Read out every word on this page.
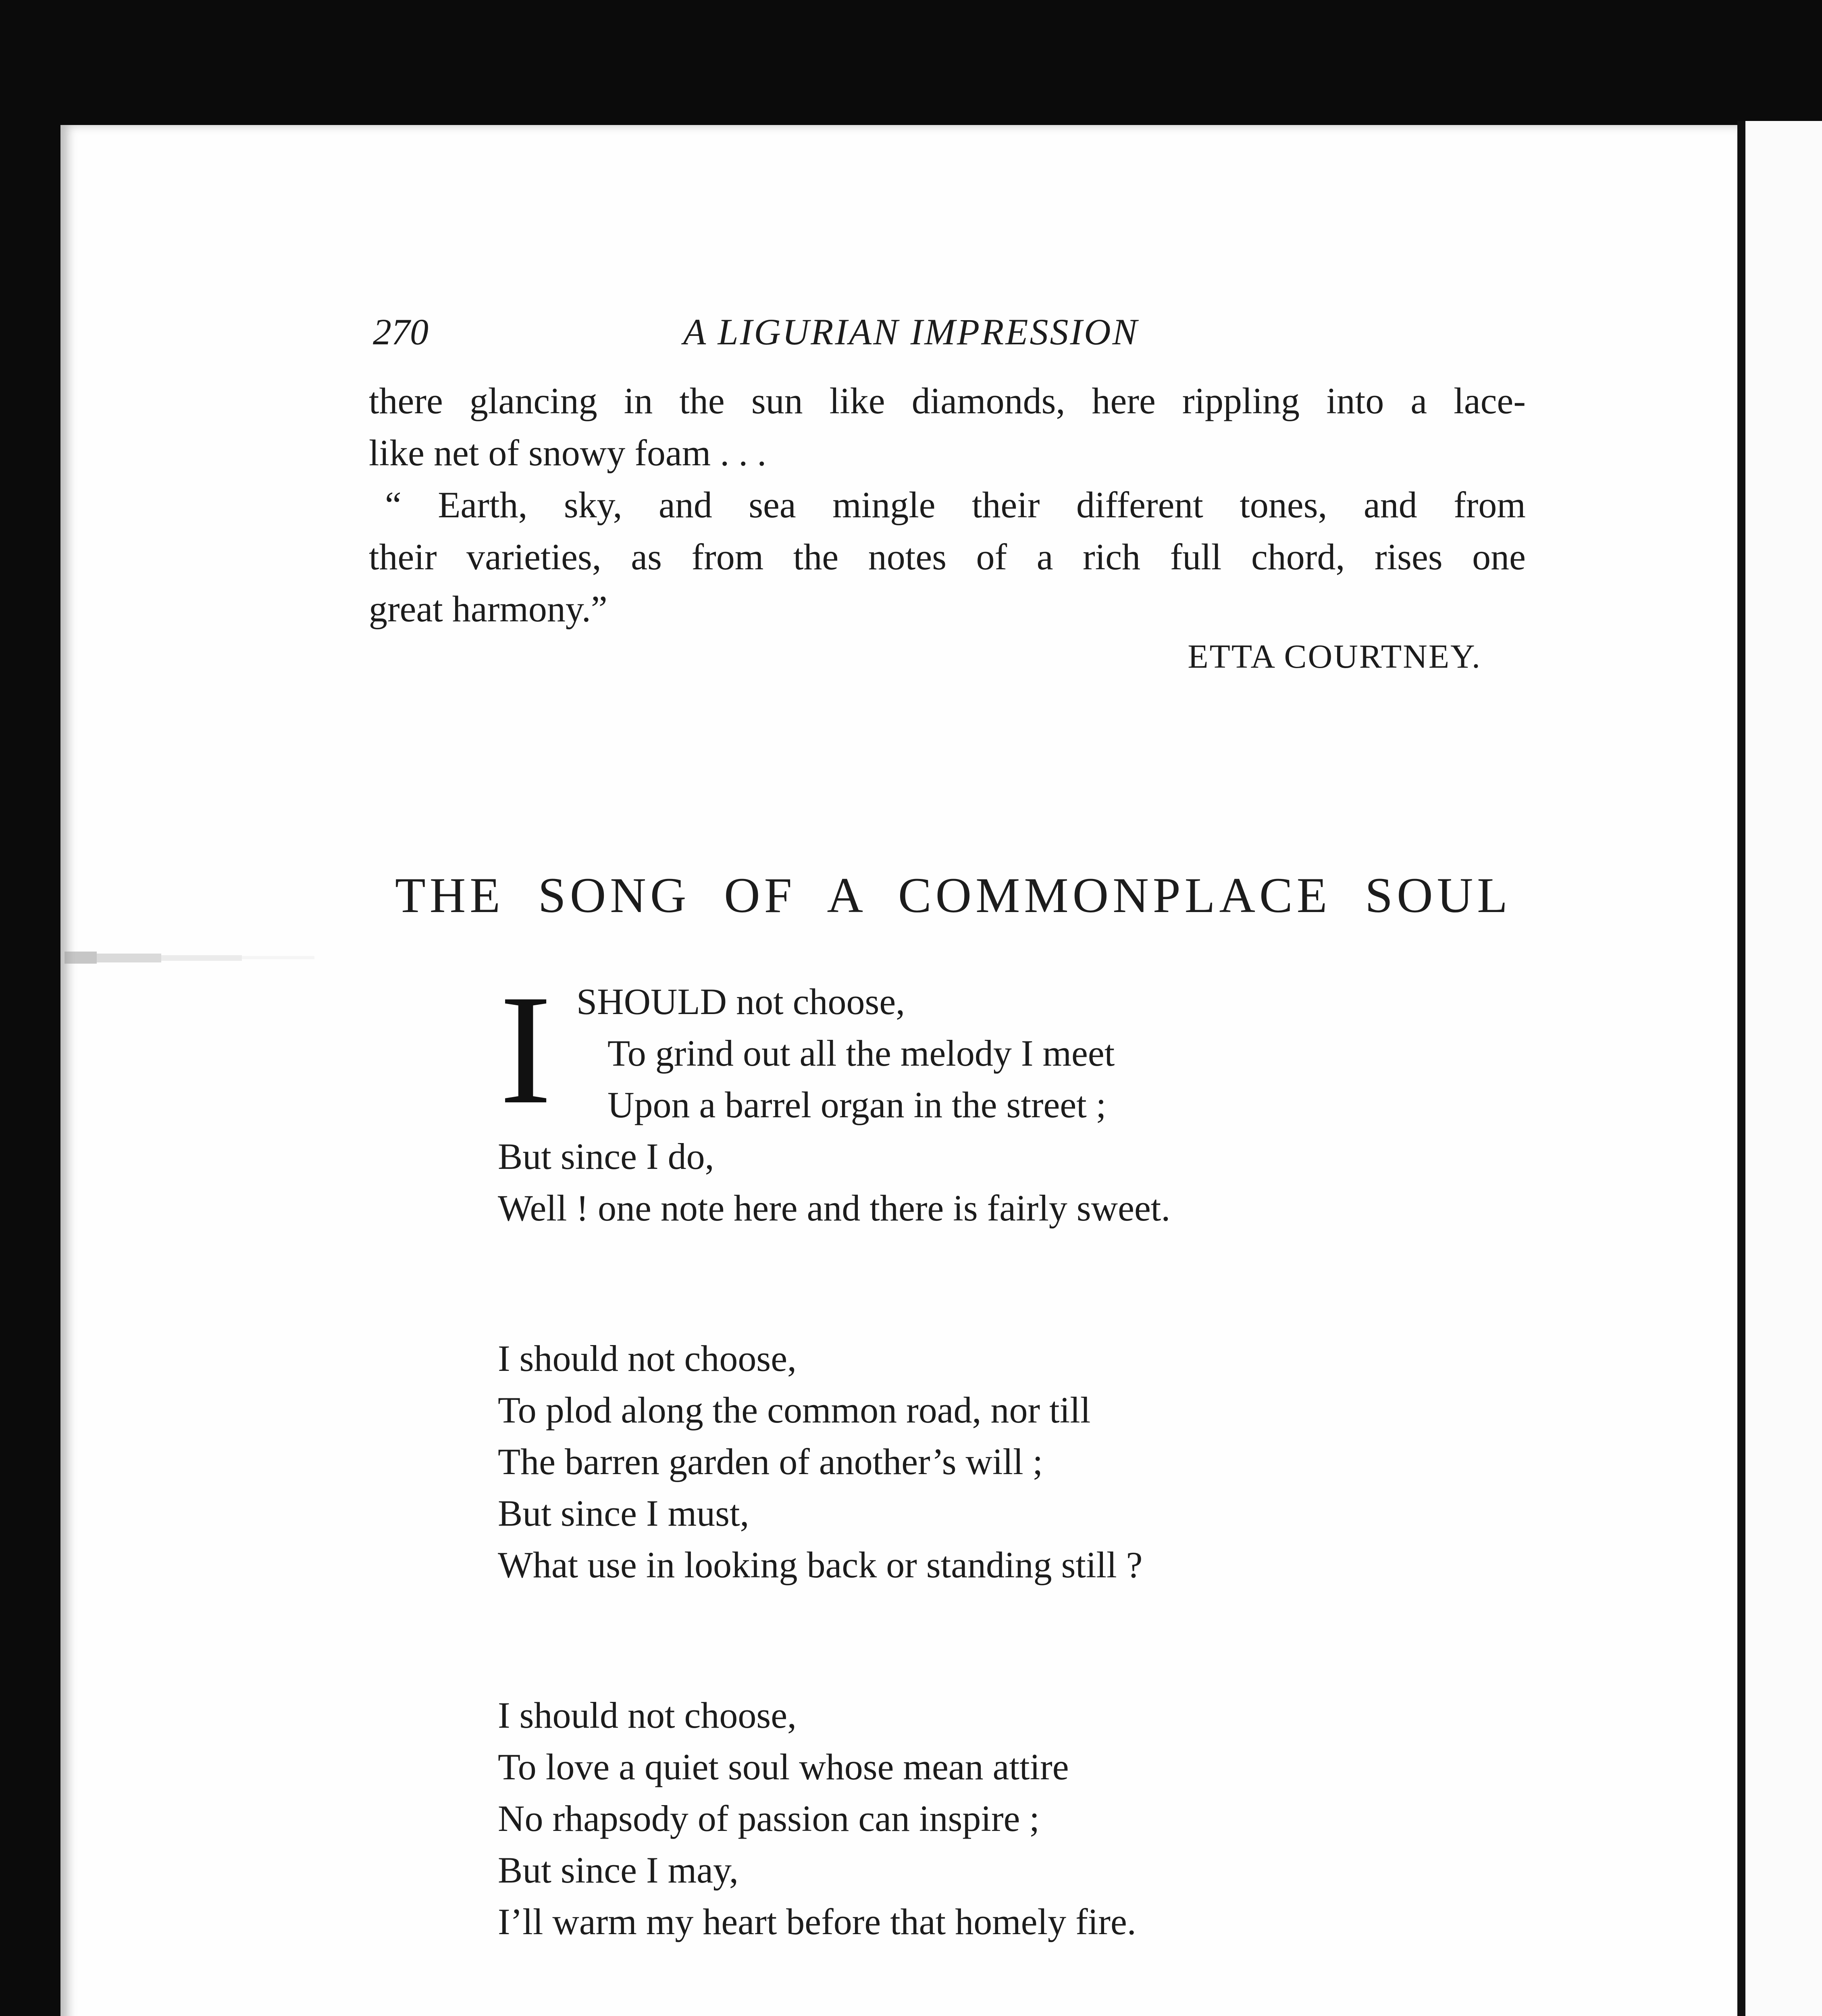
270	A LIGURIAN IMPRESSION

there glancing in the sun like diamonds, here rippling into a lace-

like net of snowy foam . . .

“ Earth, sky, and sea mingle their different tones, and from

their varieties, as from the notes of a rich full chord, rises one

great harmony.”

ETTA COURTNEY.
THE SONG OF A COMMONPLACE SOUL
I SHOULD not choose,
To grind out all the melody I meet
Upon a barrel organ in the street ;
But since I do,
Well ! one note here and there is fairly sweet.
I should not choose,
To plod along the common road, nor till
The barren garden of another’s will ;
But since I must,
What use in looking back or standing still ?
I should not choose,
To love a quiet soul whose mean attire
No rhapsody of passion can inspire ;
But since I may,
I’ll warm my heart before that homely fire.
